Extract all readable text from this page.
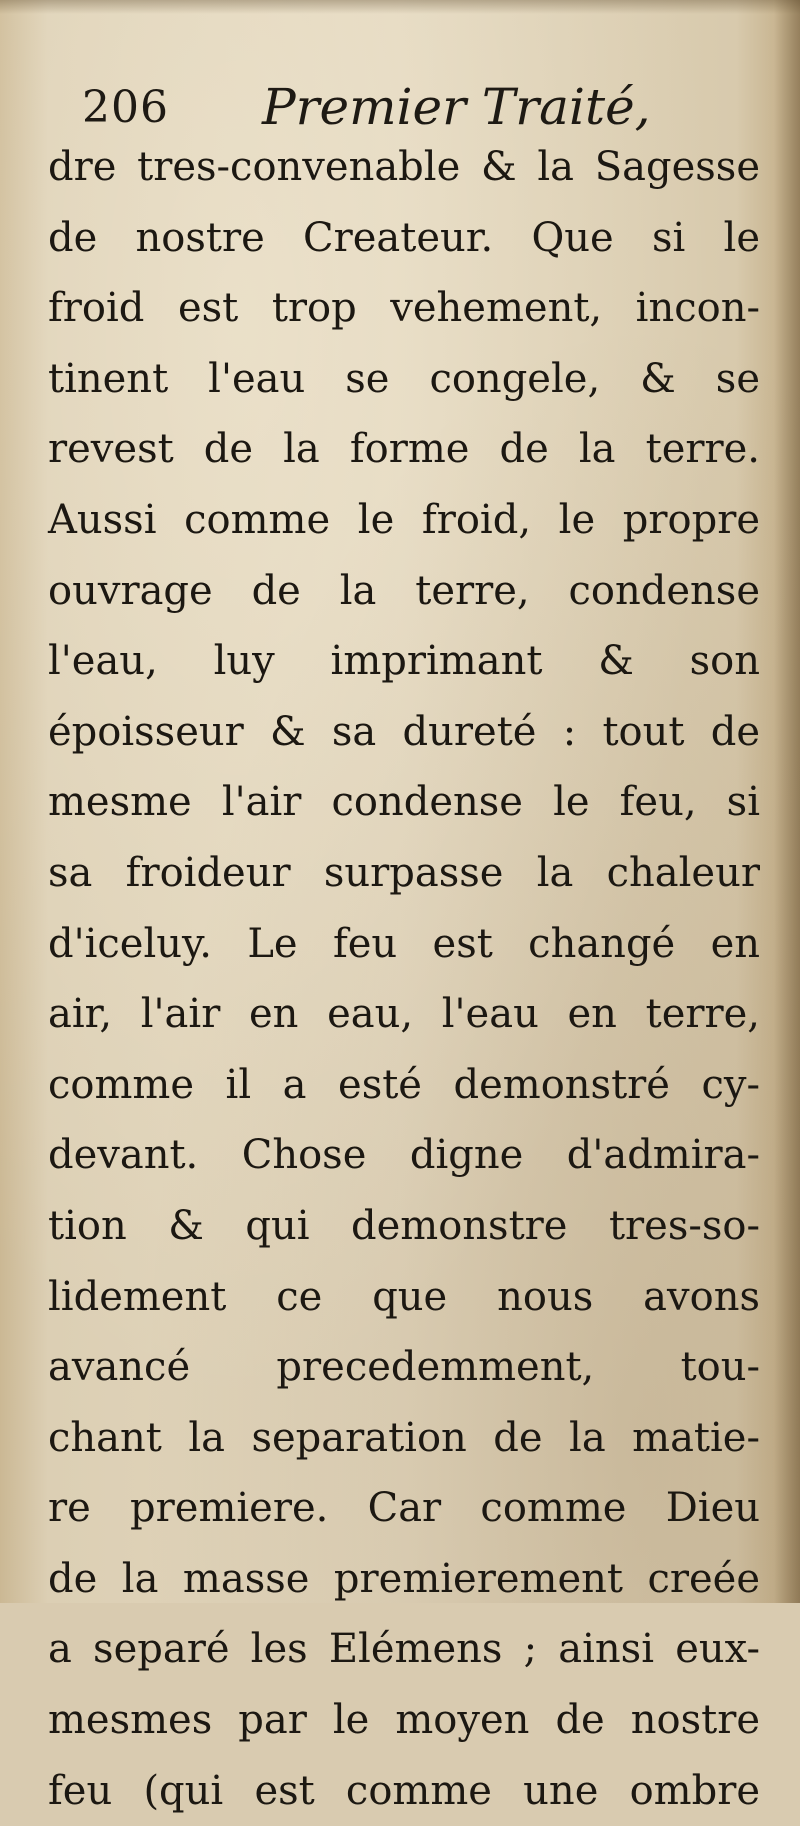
206 Premier Traité,
dre tres-convenable & la Sagesse
de nostre Createur. Que si le
froid est trop vehement, incon-
tinent l'eau se congele, & se
revest de la forme de la terre.
Aussi comme le froid, le propre
ouvrage de la terre, condense
l'eau, luy imprimant & son
époisseur & sa dureté : tout de
mesme l'air condense le feu, si
sa froideur surpasse la chaleur
d'iceluy. Le feu est changé en
air, l'air en eau, l'eau en terre,
comme il a esté demonstré cy-
devant. Chose digne d'admira-
tion & qui demonstre tres-so-
lidement ce que nous avons
avancé precedemment, tou-
chant la separation de la matie-
re premiere. Car comme Dieu
de la masse premierement creée
a separé les Elémens ; ainsi eux-
mesmes par le moyen de nostre
feu (qui est comme une ombre
